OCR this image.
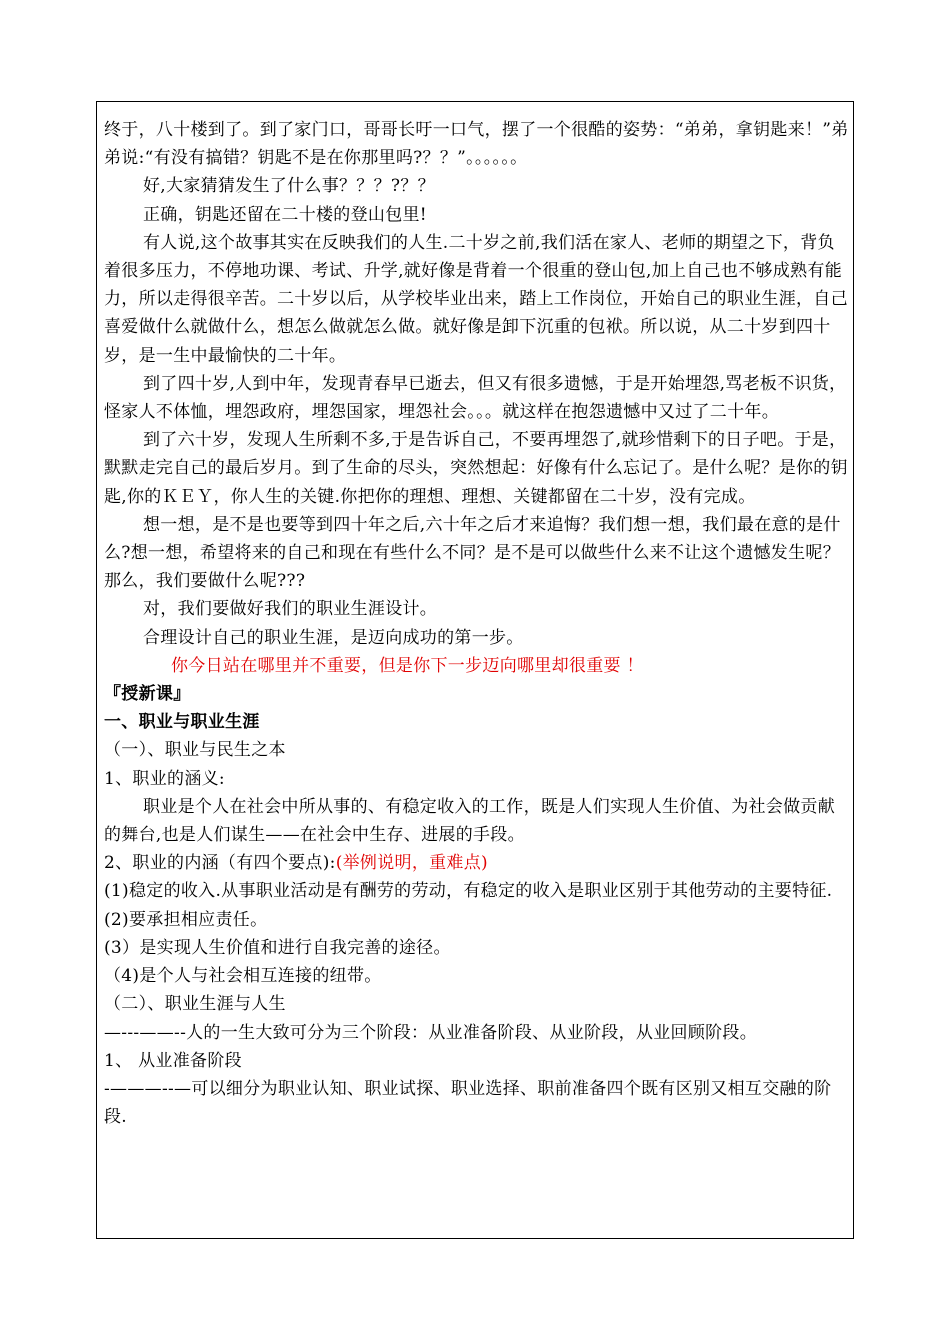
终于，八十楼到了。到了家门口，哥哥长吁一口气，摆了一个很酷的姿势：“弟弟，拿钥匙来！”弟弟说:“有没有搞错？钥匙不是在你那里吗?？？”。。。。。。

好,大家猜猜发生了什么事？？？?？？

正确，钥匙还留在二十楼的登山包里!

有人说,这个故事其实在反映我们的人生.二十岁之前,我们活在家人、老师的期望之下，背负着很多压力，不停地功课、考试、升学,就好像是背着一个很重的登山包,加上自己也不够成熟有能力，所以走得很辛苦。二十岁以后，从学校毕业出来，踏上工作岗位，开始自己的职业生涯，自己喜爱做什么就做什么，想怎么做就怎么做。就好像是卸下沉重的包袱。所以说，从二十岁到四十岁，是一生中最愉快的二十年。

到了四十岁,人到中年，发现青春早已逝去，但又有很多遗憾，于是开始埋怨,骂老板不识货，怪家人不体恤，埋怨政府，埋怨国家，埋怨社会。。。就这样在抱怨遗憾中又过了二十年。

到了六十岁，发现人生所剩不多,于是告诉自己，不要再埋怨了,就珍惜剩下的日子吧。于是，默默走完自己的最后岁月。到了生命的尽头，突然想起：好像有什么忘记了。是什么呢？是你的钥匙,你的ＫＥＹ，你人生的关键.你把你的理想、理想、关键都留在二十岁，没有完成。

想一想，是不是也要等到四十年之后,六十年之后才来追悔？我们想一想，我们最在意的是什么?想一想，希望将来的自己和现在有些什么不同？是不是可以做些什么来不让这个遗憾发生呢？那么，我们要做什么呢???

对，我们要做好我们的职业生涯设计。

合理设计自己的职业生涯，是迈向成功的第一步。

你今日站在哪里并不重要，但是你下一步迈向哪里却很重要 ！

『授新课』

一、职业与职业生涯

（一）、职业与民生之本

1、职业的涵义:

职业是个人在社会中所从事的、有稳定收入的工作，既是人们实现人生价值、为社会做贡献的舞台,也是人们谋生——在社会中生存、进展的手段。

2、职业的内涵（有四个要点):(举例说明，重难点)

(1)稳定的收入.从事职业活动是有酬劳的劳动，有稳定的收入是职业区别于其他劳动的主要特征.

(2)要承担相应责任。

(3）是实现人生价值和进行自我完善的途径。

（4)是个人与社会相互连接的纽带。

（二）、职业生涯与人生

—---——--人的一生大致可分为三个阶段：从业准备阶段、从业阶段，从业回顾阶段。

1、 从业准备阶段

-———--—可以细分为职业认知、职业试探、职业选择、职前准备四个既有区别又相互交融的阶段.
